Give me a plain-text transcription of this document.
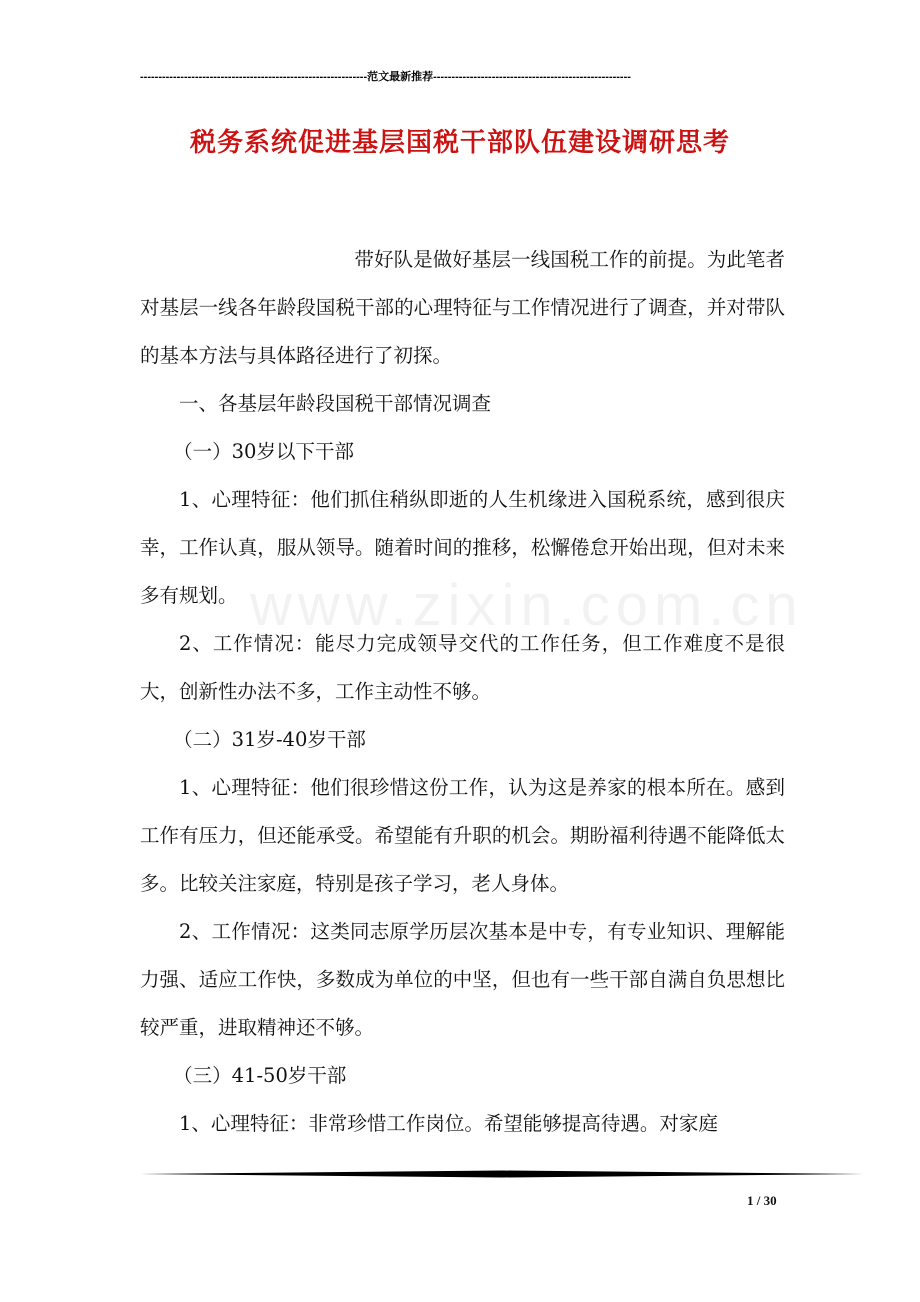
--------------------------------------------------------------范文最新推荐------------------------------------------------------
税务系统促进基层国税干部队伍建设调研思考
www.zixin.com.cn

带好队是做好基层一线国税工作的前提。为此笔者对基层一线各年龄段国税干部的心理特征与工作情况进行了调查，并对带队的基本方法与具体路径进行了初探。

一、各基层年龄段国税干部情况调查

（一）30岁以下干部

1、心理特征：他们抓住稍纵即逝的人生机缘进入国税系统，感到很庆幸，工作认真，服从领导。随着时间的推移，松懈倦怠开始出现，但对未来多有规划。

2、工作情况：能尽力完成领导交代的工作任务，但工作难度不是很大，创新性办法不多，工作主动性不够。

（二）31岁-40岁干部

1、心理特征：他们很珍惜这份工作，认为这是养家的根本所在。感到工作有压力，但还能承受。希望能有升职的机会。期盼福利待遇不能降低太多。比较关注家庭，特别是孩子学习，老人身体。

2、工作情况：这类同志原学历层次基本是中专，有专业知识、理解能力强、适应工作快，多数成为单位的中坚，但也有一些干部自满自负思想比较严重，进取精神还不够。

（三）41-50岁干部

1、心理特征：非常珍惜工作岗位。希望能够提高待遇。对家庭

1 / 30
